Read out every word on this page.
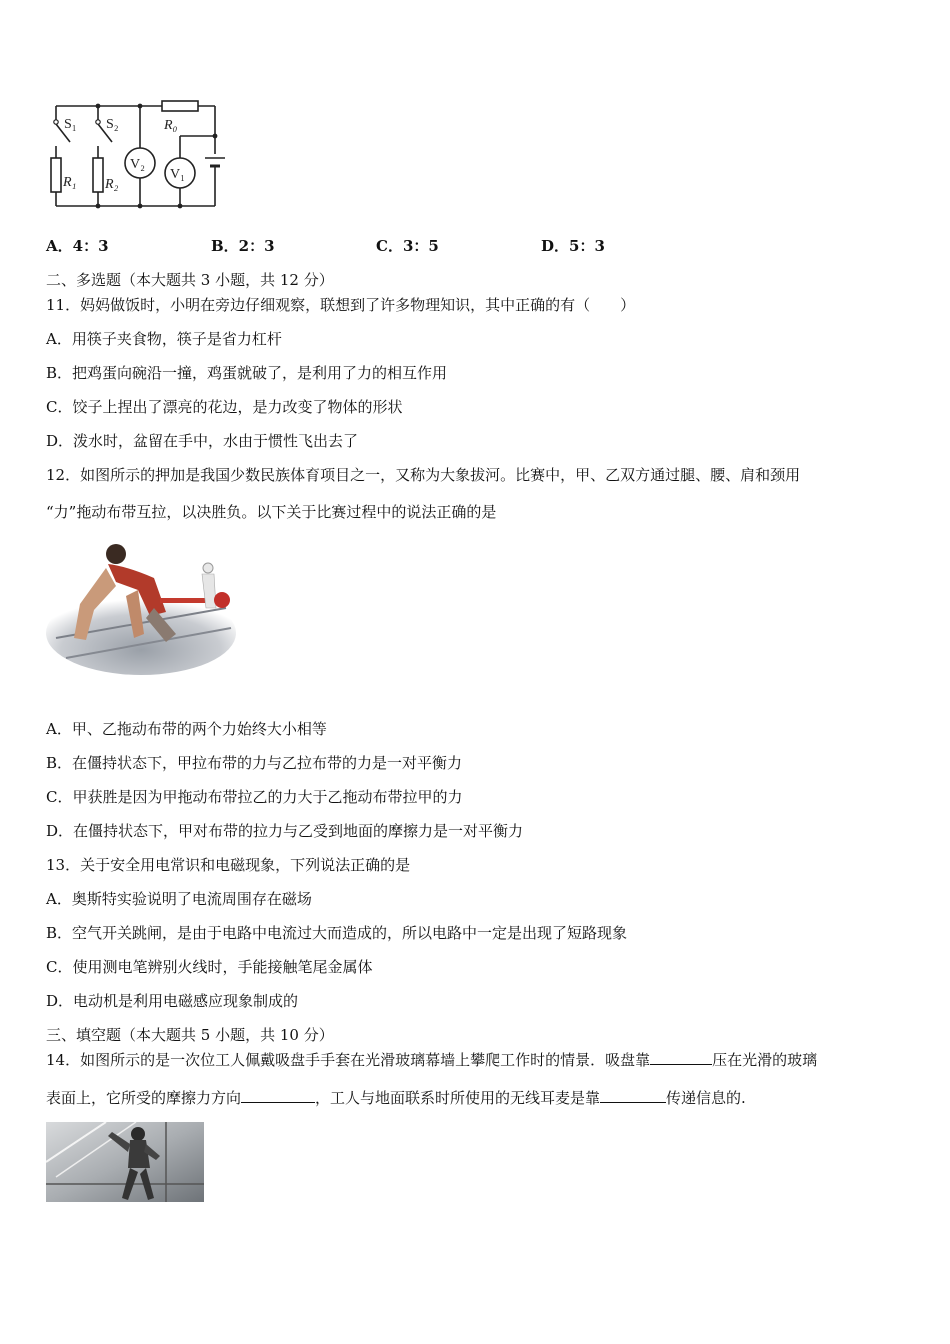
S₁ S₂	R₀
V₂
V₁
R₁ R₂
A．4：3	B．2：3	C．3：5	D．5：3
二、多选题（本大题共 3 小题，共 12 分）
11．妈妈做饭时，小明在旁边仔细观察，联想到了许多物理知识，其中正确的有（　　）
A．用筷子夹食物，筷子是省力杠杆
B．把鸡蛋向碗沿一撞，鸡蛋就破了，是利用了力的相互作用
C．饺子上捏出了漂亮的花边，是力改变了物体的形状
D．泼水时，盆留在手中，水由于惯性飞出去了
12．如图所示的押加是我国少数民族体育项目之一，又称为大象拔河。比赛中，甲、乙双方通过腿、腰、肩和颈用
“力”拖动布带互拉，以决胜负。以下关于比赛过程中的说法正确的是
A．甲、乙拖动布带的两个力始终大小相等
B．在僵持状态下，甲拉布带的力与乙拉布带的力是一对平衡力
C．甲获胜是因为甲拖动布带拉乙的力大于乙拖动布带拉甲的力
D．在僵持状态下，甲对布带的拉力与乙受到地面的摩擦力是一对平衡力
13．关于安全用电常识和电磁现象，下列说法正确的是
A．奥斯特实验说明了电流周围存在磁场
B．空气开关跳闸，是由于电路中电流过大而造成的，所以电路中一定是出现了短路现象
C．使用测电笔辨别火线时，手能接触笔尾金属体
D．电动机是利用电磁感应现象制成的
三、填空题（本大题共 5 小题，共 10 分）
14．如图所示的是一次位工人佩戴吸盘手手套在光滑玻璃幕墙上攀爬工作时的情景．吸盘靠	压在光滑的玻璃
表面上，它所受的摩擦力方向	，工人与地面联系时所使用的无线耳麦是靠	传递信息的.
